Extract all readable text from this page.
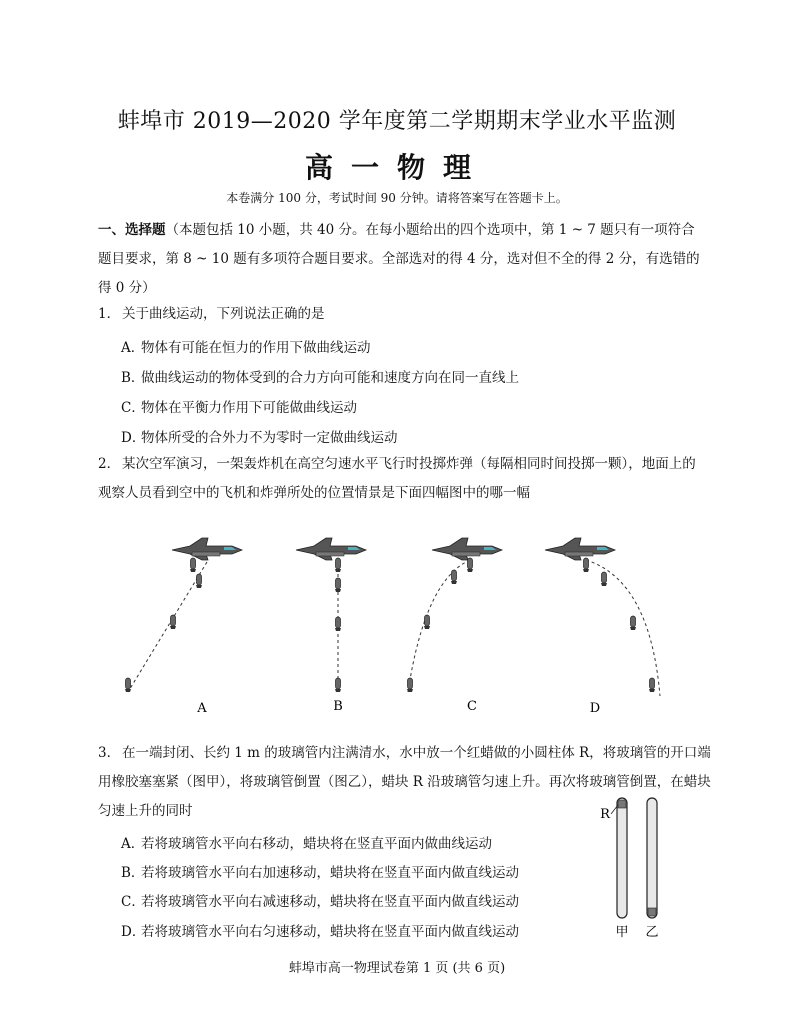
蚌埠市 2019—2020 学年度第二学期期末学业水平监测
高一物理
本卷满分 100 分，考试时间 90 分钟。请将答案写在答题卡上。
一、选择题（本题包括 10 小题，共 40 分。在每小题给出的四个选项中，第 1 ~ 7 题只有一项符合题目要求，第 8 ~ 10 题有多项符合题目要求。全部选对的得 4 分，选对但不全的得 2 分，有选错的得 0 分）
1． 关于曲线运动，下列说法正确的是
A．物体有可能在恒力的作用下做曲线运动
B．做曲线运动的物体受到的合力方向可能和速度方向在同一直线上
C．物体在平衡力作用下可能做曲线运动
D．物体所受的合外力不为零时一定做曲线运动
2． 某次空军演习，一架轰炸机在高空匀速水平飞行时投掷炸弹（每隔相同时间投掷一颗），地面上的观察人员看到空中的飞机和炸弹所处的位置情景是下面四幅图中的哪一幅
A	B	C	D
3． 在一端封闭、长约 1 m 的玻璃管内注满清水，水中放一个红蜡做的小圆柱体 R，将玻璃管的开口端用橡胶塞塞紧（图甲），将玻璃管倒置（图乙），蜡块 R 沿玻璃管匀速上升。再次将玻璃管倒置，在蜡块匀速上升的同时
A．若将玻璃管水平向右移动，蜡块将在竖直平面内做曲线运动
B．若将玻璃管水平向右加速移动，蜡块将在竖直平面内做直线运动
C．若将玻璃管水平向右减速移动，蜡块将在竖直平面内做直线运动
D．若将玻璃管水平向右匀速移动，蜡块将在竖直平面内做直线运动
R
甲 乙
蚌埠市高一物理试卷第 1 页 (共 6 页)
